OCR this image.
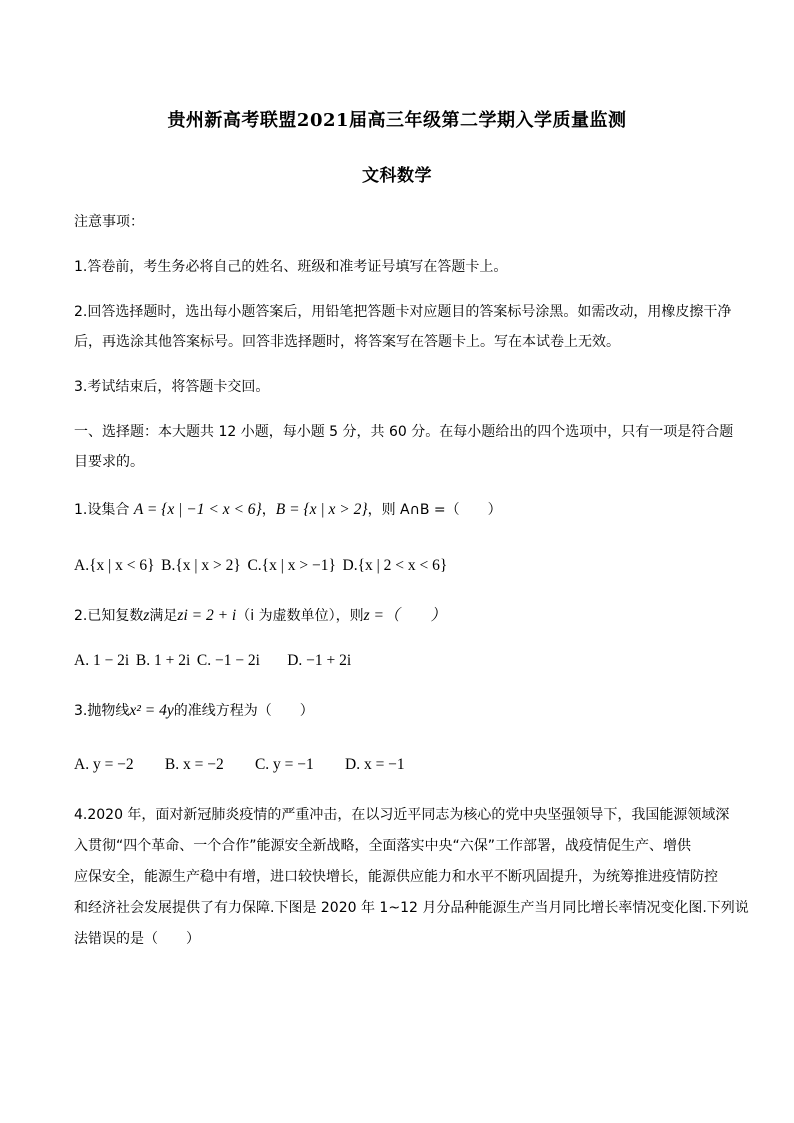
贵州新高考联盟2021届高三年级第二学期入学质量监测
文科数学
注意事项：
1.答卷前，考生务必将自己的姓名、班级和准考证号填写在答题卡上。
2.回答选择题时，选出每小题答案后，用铅笔把答题卡对应题目的答案标号涂黑。如需改动，用橡皮擦干净
后，再选涂其他答案标号。回答非选择题时，将答案写在答题卡上。写在本试卷上无效。
3.考试结束后，将答题卡交回。
一、选择题：本大题共 12 小题，每小题 5 分，共 60 分。在每小题给出的四个选项中，只有一项是符合题
目要求的。
1.设集合 A = {x | −1 < x < 6}，B = {x | x > 2}，则 A∩B =（　　）
A.{x | x < 6} B.{x | x > 2} C.{x | x > −1} D.{x | 2 < x < 6}
2.已知复数z满足zi = 2 + i（i 为虚数单位），则z =（　　）
A. 1 − 2i B. 1 + 2i C. −1 − 2i D. −1 + 2i
3.抛物线x² = 4y的准线方程为（　　）
A. y = −2 B. x = −2 C. y = −1 D. x = −1
4.2020 年，面对新冠肺炎疫情的严重冲击，在以习近平同志为核心的党中央坚强领导下，我国能源领域深
入贯彻“四个革命、一个合作”能源安全新战略，全面落实中央“六保”工作部署，战疫情促生产、增供
应保安全，能源生产稳中有增，进口较快增长，能源供应能力和水平不断巩固提升，为统筹推进疫情防控
和经济社会发展提供了有力保障.下图是 2020 年 1~12 月分品种能源生产当月同比增长率情况变化图.下列说
法错误的是（　　）
